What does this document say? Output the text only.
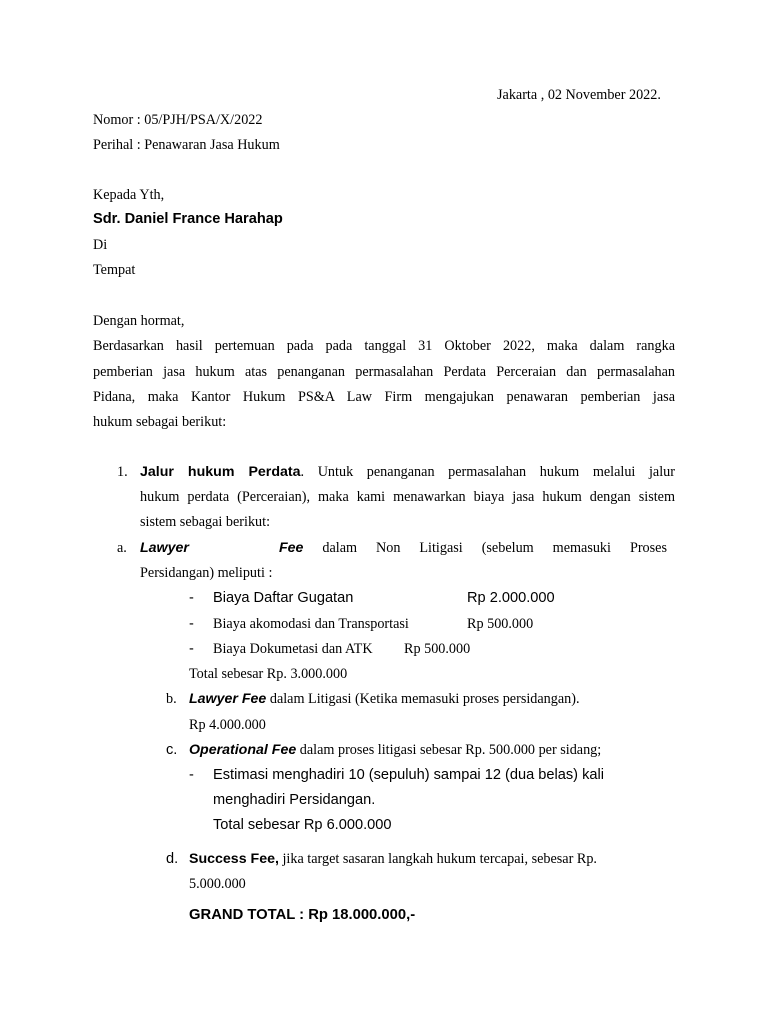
Jakarta , 02 November 2022.
Nomor : 05/PJH/PSA/X/2022
Perihal : Penawaran Jasa Hukum
Kepada Yth,
Sdr. Daniel France Harahap
Di
Tempat
Dengan hormat,
Berdasarkan hasil pertemuan pada pada tanggal 31 Oktober 2022, maka dalam rangka
pemberian jasa hukum atas penanganan permasalahan Perdata Perceraian dan permasalahan
Pidana, maka Kantor Hukum PS&A Law Firm mengajukan penawaran pemberian jasa
hukum sebagai berikut:
1. Jalur hukum Perdata. Untuk penanganan permasalahan hukum melalui jalur
hukum perdata (Perceraian), maka kami menawarkan biaya jasa hukum dengan sistem
sistem sebagai berikut:
a. Lawyer	Fee dalam Non Litigasi (sebelum memasuki Proses
Persidangan) meliputi :
- Biaya Daftar Gugatan	Rp 2.000.000
- Biaya akomodasi dan Transportasi	Rp 500.000
- Biaya Dokumetasi dan ATK Rp 500.000
Total sebesar Rp. 3.000.000
b. Lawyer Fee dalam Litigasi (Ketika memasuki proses persidangan).
Rp 4.000.000
c. Operational Fee dalam proses litigasi sebesar Rp. 500.000 per sidang;
- Estimasi menghadiri 10 (sepuluh) sampai 12 (dua belas) kali
menghadiri Persidangan.
Total sebesar Rp 6.000.000
d. Success Fee, jika target sasaran langkah hukum tercapai, sebesar Rp.
5.000.000
GRAND TOTAL : Rp 18.000.000,-
